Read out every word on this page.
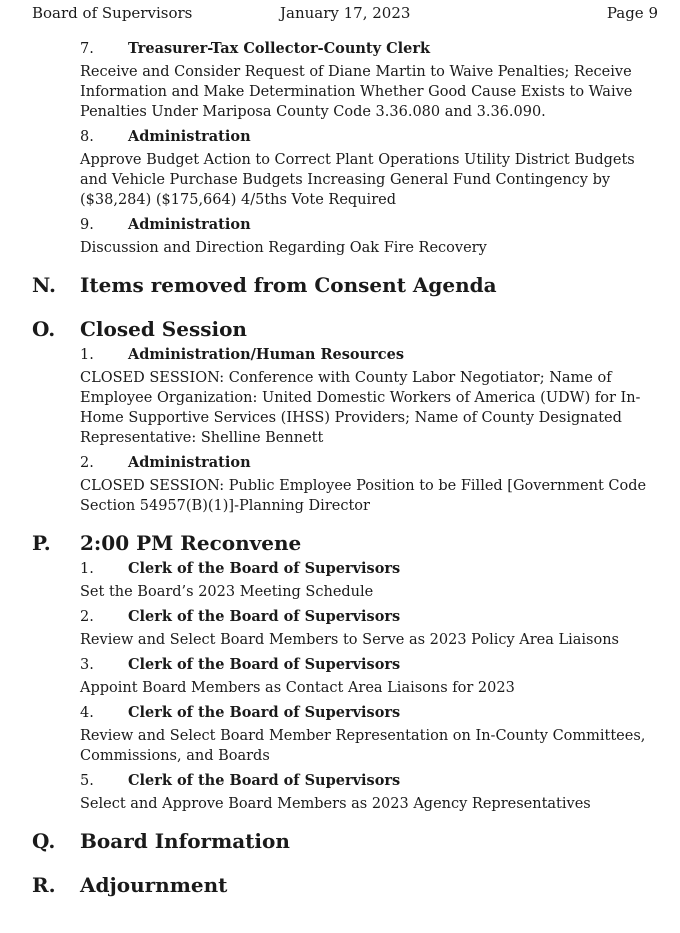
Board of Supervisors	January 17, 2023	Page 9
7. Treasurer-Tax Collector-County Clerk
Receive and Consider Request of Diane Martin to Waive Penalties; Receive Information and Make Determination Whether Good Cause Exists to Waive Penalties Under Mariposa County Code 3.36.080 and 3.36.090.
8. Administration
Approve Budget Action to Correct Plant Operations Utility District Budgets and Vehicle Purchase Budgets Increasing General Fund Contingency by ($38,284) ($175,664) 4/5ths Vote Required
9. Administration
Discussion and Direction Regarding Oak Fire Recovery
N. Items removed from Consent Agenda
O. Closed Session
1. Administration/Human Resources
CLOSED SESSION: Conference with County Labor Negotiator; Name of Employee Organization: United Domestic Workers of America (UDW) for In-Home Supportive Services (IHSS) Providers; Name of County Designated Representative: Shelline Bennett
2. Administration
CLOSED SESSION: Public Employee Position to be Filled [Government Code Section 54957(B)(1)]-Planning Director
P. 2:00 PM Reconvene
1. Clerk of the Board of Supervisors
Set the Board’s 2023 Meeting Schedule
2. Clerk of the Board of Supervisors
Review and Select Board Members to Serve as 2023 Policy Area Liaisons
3. Clerk of the Board of Supervisors
Appoint Board Members as Contact Area Liaisons for 2023
4. Clerk of the Board of Supervisors
Review and Select Board Member Representation on In-County Committees, Commissions, and Boards
5. Clerk of the Board of Supervisors
Select and Approve Board Members as 2023 Agency Representatives
Q. Board Information
R. Adjournment
